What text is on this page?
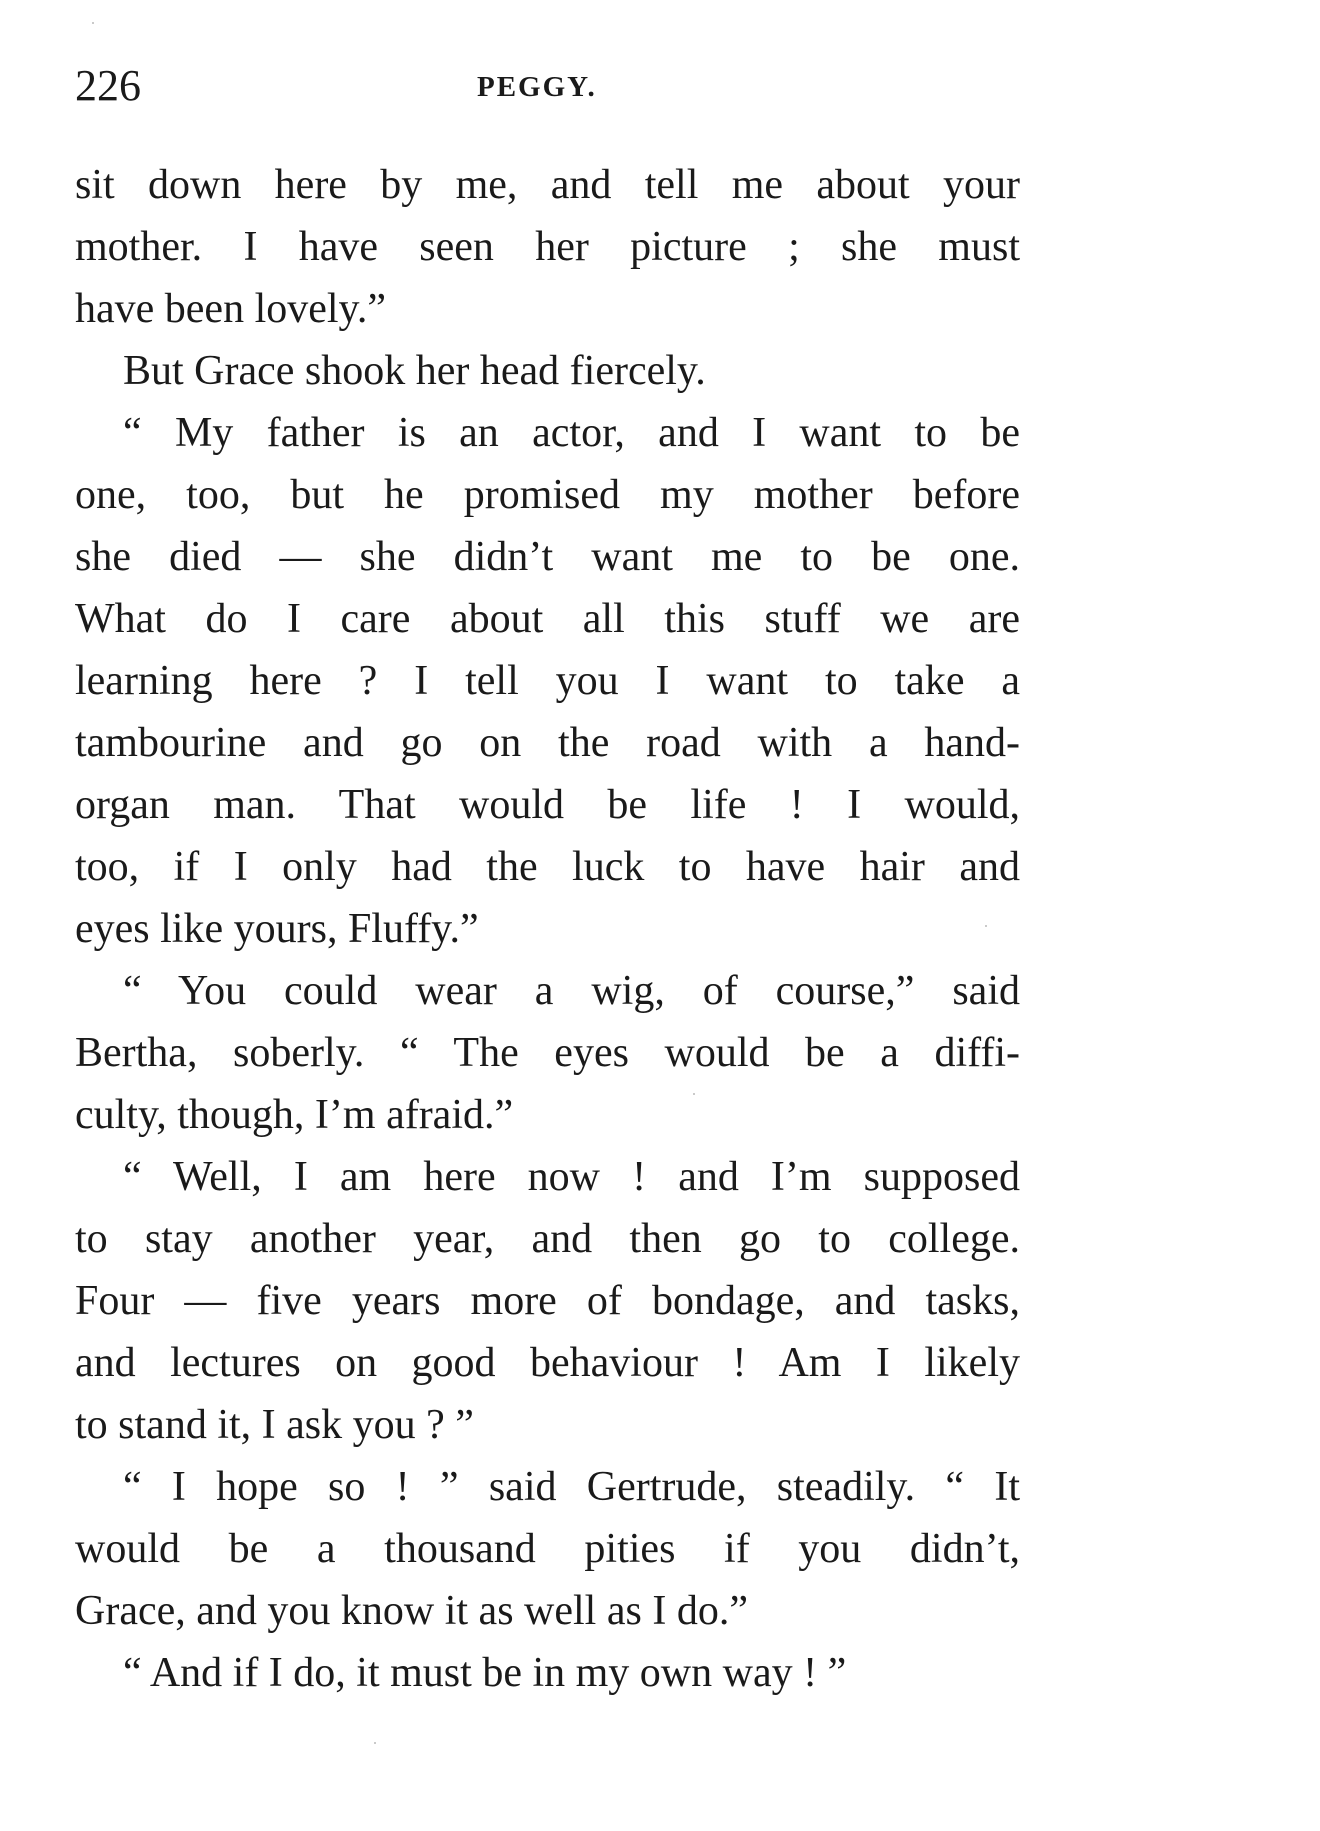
226	PEGGY.
sit down here by me, and tell me about your
mother. I have seen her picture ; she must
have been lovely.”
But Grace shook her head fiercely.
“ My father is an actor, and I want to be
one, too, but he promised my mother before
she died — she didn’t want me to be one.
What do I care about all this stuff we are
learning here ? I tell you I want to take a
tambourine and go on the road with a hand-
organ man. That would be life ! I would,
too, if I only had the luck to have hair and
eyes like yours, Fluffy.”
“ You could wear a wig, of course,” said
Bertha, soberly. “ The eyes would be a diffi-
culty, though, I’m afraid.”
“ Well, I am here now ! and I’m supposed
to stay another year, and then go to college.
Four — five years more of bondage, and tasks,
and lectures on good behaviour ! Am I likely
to stand it, I ask you ? ”
“ I hope so ! ” said Gertrude, steadily. “ It
would be a thousand pities if you didn’t,
Grace, and you know it as well as I do.”
“ And if I do, it must be in my own way ! ”
